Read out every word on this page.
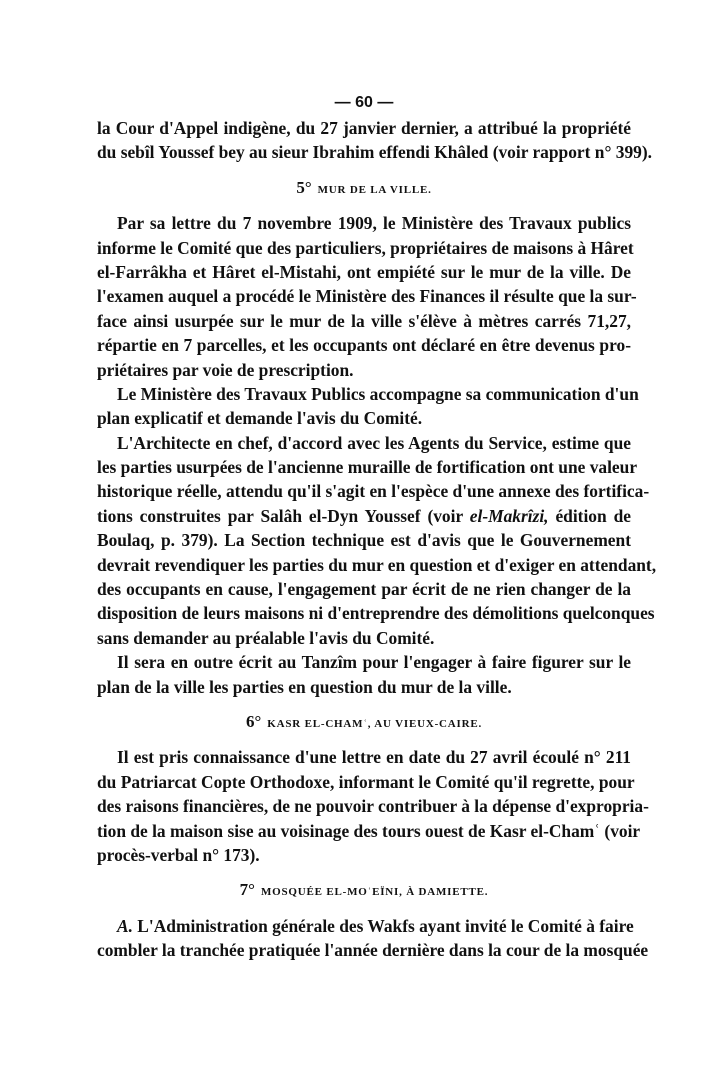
— 60 —
la Cour d'Appel indigène, du 27 janvier dernier, a attribué la propriété
du sebîl Youssef bey au sieur Ibrahim effendi Khâled (voir rapport n° 399).
5° MUR DE LA VILLE.
Par sa lettre du 7 novembre 1909, le Ministère des Travaux publics
informe le Comité que des particuliers, propriétaires de maisons à Hâret
el-Farrâkha et Hâret el-Mistahi, ont empiété sur le mur de la ville. De
l'examen auquel a procédé le Ministère des Finances il résulte que la sur-
face ainsi usurpée sur le mur de la ville s'élève à mètres carrés 71,27,
répartie en 7 parcelles, et les occupants ont déclaré en être devenus pro-
priétaires par voie de prescription.
Le Ministère des Travaux Publics accompagne sa communication d'un
plan explicatif et demande l'avis du Comité.
L'Architecte en chef, d'accord avec les Agents du Service, estime que
les parties usurpées de l'ancienne muraille de fortification ont une valeur
historique réelle, attendu qu'il s'agit en l'espèce d'une annexe des fortifica-
tions construites par Salâh el-Dyn Youssef (voir el-Makrîzi, édition de
Boulaq, p. 379). La Section technique est d'avis que le Gouvernement
devrait revendiquer les parties du mur en question et d'exiger en attendant,
des occupants en cause, l'engagement par écrit de ne rien changer de la
disposition de leurs maisons ni d'entreprendre des démolitions quelconques
sans demander au préalable l'avis du Comité.
Il sera en outre écrit au Tanzîm pour l'engager à faire figurer sur le
plan de la ville les parties en question du mur de la ville.
6° KASR EL-CHAMʿ, AU VIEUX-CAIRE.
Il est pris connaissance d'une lettre en date du 27 avril écoulé n° 211
du Patriarcat Copte Orthodoxe, informant le Comité qu'il regrette, pour
des raisons financières, de ne pouvoir contribuer à la dépense d'expropria-
tion de la maison sise au voisinage des tours ouest de Kasr el-Chamʿ (voir
procès-verbal n° 173).
7° MOSQUÉE EL-MOʿEÏNI, À DAMIETTE.
A. L'Administration générale des Wakfs ayant invité le Comité à faire
combler la tranchée pratiquée l'année dernière dans la cour de la mosquée
